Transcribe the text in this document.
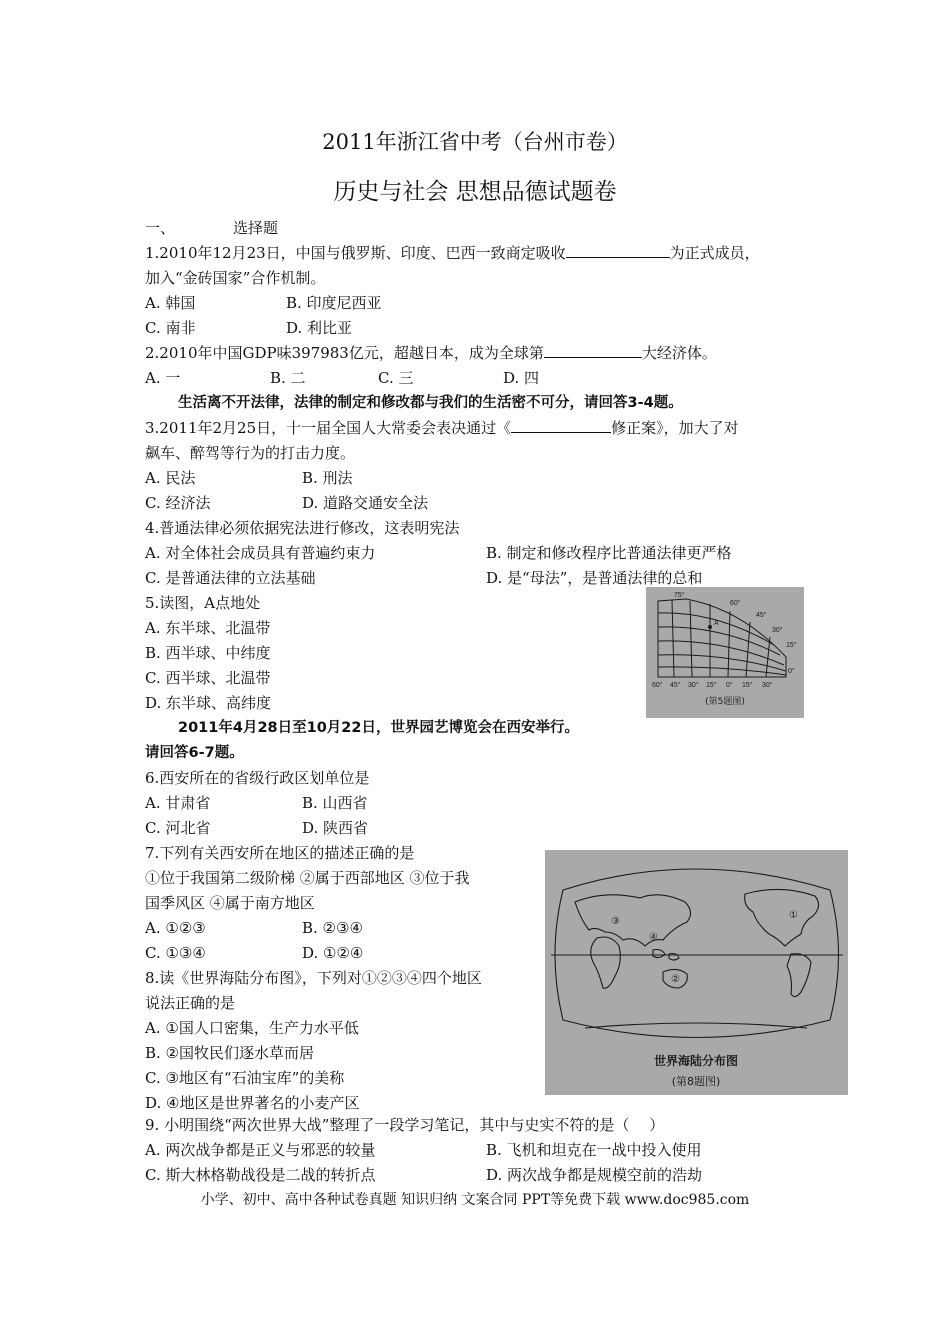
2011年浙江省中考（台州市卷）
历史与社会 思想品德试题卷
一、	选择题
1.2010年12月23日，中国与俄罗斯、印度、巴西一致商定吸收	为正式成员，
加入“金砖国家”合作机制。
A. 韩国	B. 印度尼西亚
C. 南非	D. 利比亚
2.2010年中国GDP味397983亿元，超越日本，成为全球第	大经济体。
A. 一	B. 二	C. 三	D. 四
生活离不开法律，法律的制定和修改都与我们的生活密不可分，请回答3-4题。
3.2011年2月25日，十一届全国人大常委会表决通过《	修正案》，加大了对
飙车、醉驾等行为的打击力度。
A. 民法	B. 刑法
C. 经济法	D. 道路交通安全法
4.普通法律必须依据宪法进行修改，这表明宪法
A. 对全体社会成员具有普遍约束力	B. 制定和修改程序比普通法律更严格
C. 是普通法律的立法基础	D. 是“母法”，是普通法律的总和
5.读图，A点地处
A. 东半球、北温带
B. 西半球、中纬度
C. 西半球、北温带
D. 东半球、高纬度
A
75°
60°
45°
30°
15°
0°
60° 45° 30° 15° 0° 15° 30°
(第5题图)
2011年4月28日至10月22日，世界园艺博览会在西安举行。
请回答6-7题。
6.西安所在的省级行政区划单位是
A. 甘肃省	B. 山西省
C. 河北省	D. 陕西省
7.下列有关西安所在地区的描述正确的是
①位于我国第二级阶梯 ②属于西部地区 ③位于我
国季风区 ④属于南方地区
A. ①②③	B. ②③④
C. ①③④	D. ①②④
8.读《世界海陆分布图》，下列对①②③④四个地区
说法正确的是
A. ①国人口密集，生产力水平低
B. ②国牧民们逐水草而居
C. ③地区有“石油宝库”的美称
D. ④地区是世界著名的小麦产区
③
④
②
①
世界海陆分布图
(第8题图)
9. 小明围绕“两次世界大战”整理了一段学习笔记，其中与史实不符的是（　 ）
A. 两次战争都是正义与邪恶的较量	B. 飞机和坦克在一战中投入使用
C. 斯大林格勒战役是二战的转折点	D. 两次战争都是规模空前的浩劫
小学、初中、高中各种试卷真题 知识归纳 文案合同 PPT等免费下载 www.doc985.com
